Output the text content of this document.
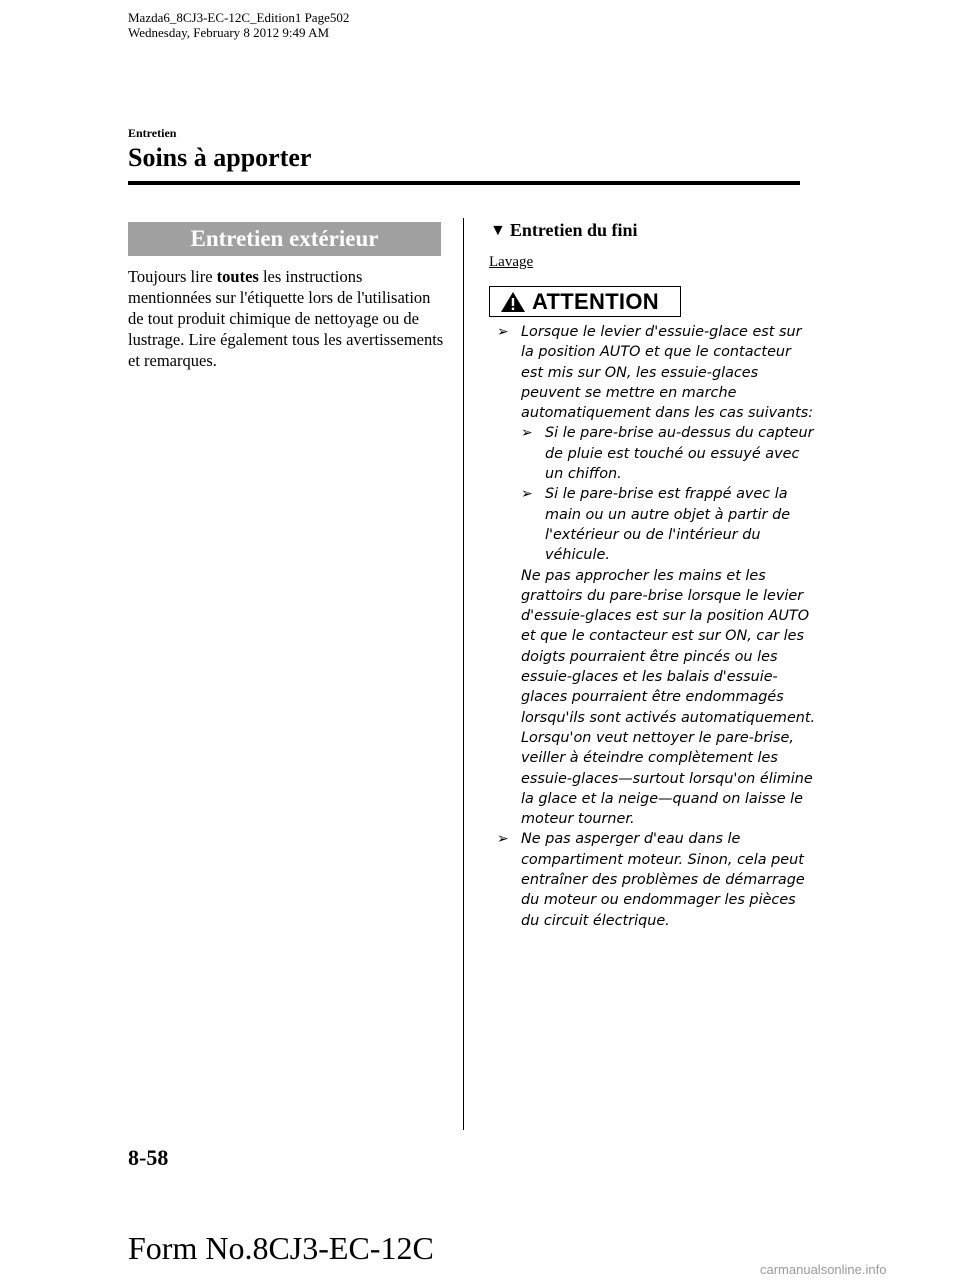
Mazda6_8CJ3-EC-12C_Edition1 Page502
Wednesday, February 8 2012 9:49 AM
Entretien
Soins à apporter
Entretien extérieur

Toujours lire toutes les instructions mentionnées sur l'étiquette lors de l'utilisation de tout produit chimique de nettoyage ou de lustrage. Lire également tous les avertissements et remarques.

▼ Entretien du fini
Lavage
ATTENTION
➢ Lorsque le levier d'essuie-glace est sur la position AUTO et que le contacteur est mis sur ON, les essuie-glaces peuvent se mettre en marche automatiquement dans les cas suivants:
➢ Si le pare-brise au-dessus du capteur de pluie est touché ou essuyé avec un chiffon.
➢ Si le pare-brise est frappé avec la main ou un autre objet à partir de l'extérieur ou de l'intérieur du véhicule.
Ne pas approcher les mains et les grattoirs du pare-brise lorsque le levier d'essuie-glaces est sur la position AUTO et que le contacteur est sur ON, car les doigts pourraient être pincés ou les essuie-glaces et les balais d'essuie-glaces pourraient être endommagés lorsqu'ils sont activés automatiquement.
Lorsqu'on veut nettoyer le pare-brise, veiller à éteindre complètement les essuie-glaces—surtout lorsqu'on élimine la glace et la neige—quand on laisse le moteur tourner.
➢ Ne pas asperger d'eau dans le compartiment moteur. Sinon, cela peut entraîner des problèmes de démarrage du moteur ou endommager les pièces du circuit électrique.
8-58
Form No.8CJ3-EC-12C
carmanualsonline.info
